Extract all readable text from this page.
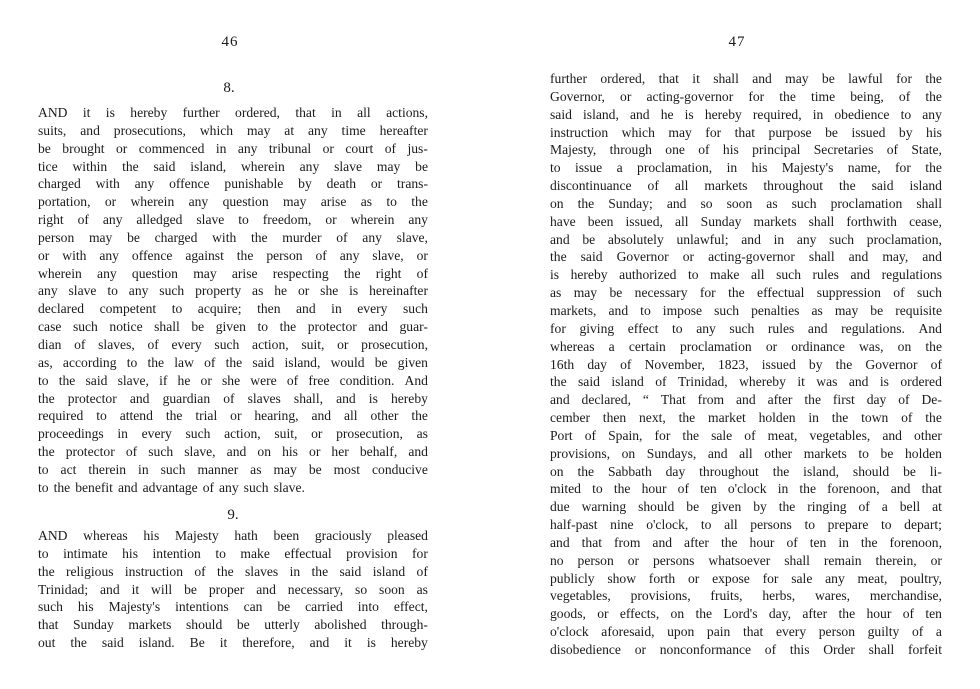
46
8.
AND it is hereby further ordered, that in all actions,
suits, and prosecutions, which may at any time hereafter
be brought or commenced in any tribunal or court of jus-
tice within the said island, wherein any slave may be
charged with any offence punishable by death or trans-
portation, or wherein any question may arise as to the
right of any alledged slave to freedom, or wherein any
person may be charged with the murder of any slave,
or with any offence against the person of any slave, or
wherein any question may arise respecting the right of
any slave to any such property as he or she is hereinafter
declared competent to acquire; then and in every such
case such notice shall be given to the protector and guar-
dian of slaves, of every such action, suit, or prosecution,
as, according to the law of the said island, would be given
to the said slave, if he or she were of free condition. And
the protector and guardian of slaves shall, and is hereby
required to attend the trial or hearing, and all other the
proceedings in every such action, suit, or prosecution, as
the protector of such slave, and on his or her behalf, and
to act therein in such manner as may be most conducive
to the benefit and advantage of any such slave.
9.
AND whereas his Majesty hath been graciously pleased
to intimate his intention to make effectual provision for
the religious instruction of the slaves in the said island of
Trinidad; and it will be proper and necessary, so soon as
such his Majesty's intentions can be carried into effect,
that Sunday markets should be utterly abolished through-
out the said island. Be it therefore, and it is hereby
47
further ordered, that it shall and may be lawful for the
Governor, or acting-governor for the time being, of the
said island, and he is hereby required, in obedience to any
instruction which may for that purpose be issued by his
Majesty, through one of his principal Secretaries of State,
to issue a proclamation, in his Majesty's name, for the
discontinuance of all markets throughout the said island
on the Sunday; and so soon as such proclamation shall
have been issued, all Sunday markets shall forthwith cease,
and be absolutely unlawful; and in any such proclamation,
the said Governor or acting-governor shall and may, and
is hereby authorized to make all such rules and regulations
as may be necessary for the effectual suppression of such
markets, and to impose such penalties as may be requisite
for giving effect to any such rules and regulations. And
whereas a certain proclamation or ordinance was, on the
16th day of November, 1823, issued by the Governor of
the said island of Trinidad, whereby it was and is ordered
and declared, “ That from and after the first day of De-
cember then next, the market holden in the town of the
Port of Spain, for the sale of meat, vegetables, and other
provisions, on Sundays, and all other markets to be holden
on the Sabbath day throughout the island, should be li-
mited to the hour of ten o'clock in the forenoon, and that
due warning should be given by the ringing of a bell at
half-past nine o'clock, to all persons to prepare to depart;
and that from and after the hour of ten in the forenoon,
no person or persons whatsoever shall remain therein, or
publicly show forth or expose for sale any meat, poultry,
vegetables, provisions, fruits, herbs, wares, merchandise,
goods, or effects, on the Lord's day, after the hour of ten
o'clock aforesaid, upon pain that every person guilty of a
disobedience or nonconformance of this Order shall forfeit
